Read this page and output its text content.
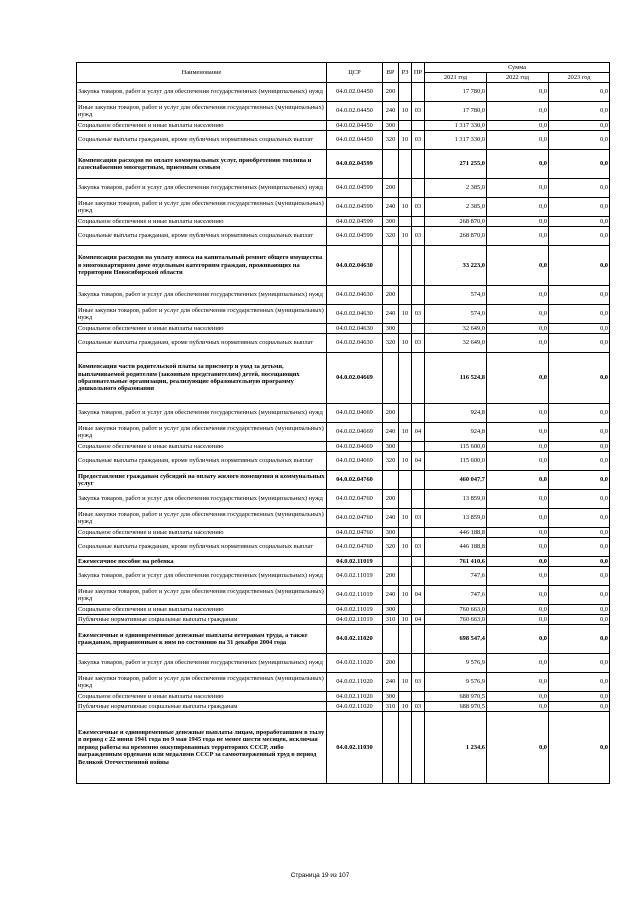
Наименование	ЦСР	ВР	РЗ	ПР	Сумма		
					2021 год	2022 год	2023 год
Закупка товаров, работ и услуг для обеспечения государственных (муниципальных) нужд	04.0.02.04450	200			17 780,0	0,0	0,0
Иные закупки товаров, работ и услуг для обеспечения государственных (муниципальных) нужд	04.0.02.04450	240	10	03	17 780,0	0,0	0,0
Социальное обеспечение и иные выплаты населению	04.0.02.04450	300			1 317 330,0	0,0	0,0
Социальные выплаты гражданам, кроме публичных нормативных социальных выплат	04.0.02.04450	320	10	03	1 317 330,0	0,0	0,0
Компенсация расходов по оплате коммунальных услуг, приобретению топлива и газоснабжению многодетным, приемным семьям	04.0.02.04599				271 255,0	0,0	0,0
Закупка товаров, работ и услуг для обеспечения государственных (муниципальных) нужд	04.0.02.04599	200			2 385,0	0,0	0,0
Иные закупки товаров, работ и услуг для обеспечения государственных (муниципальных) нужд	04.0.02.04599	240	10	03	2 385,0	0,0	0,0
Социальное обеспечение и иные выплаты населению	04.0.02.04599	300			268 870,0	0,0	0,0
Социальные выплаты гражданам, кроме публичных нормативных социальных выплат	04.0.02.04599	320	10	03	268 870,0	0,0	0,0
Компенсация расходов на уплату взноса на капитальный ремонт общего имущества в многоквартирном доме отдельным категориям граждан, проживающих на территории Новосибирской области	04.0.02.04630				33 223,0	0,0	0,0
Закупка товаров, работ и услуг для обеспечения государственных (муниципальных) нужд	04.0.02.04630	200			574,0	0,0	0,0
Иные закупки товаров, работ и услуг для обеспечения государственных (муниципальных) нужд	04.0.02.04630	240	10	03	574,0	0,0	0,0
Социальное обеспечение и иные выплаты населению	04.0.02.04630	300			32 649,0	0,0	0,0
Социальные выплаты гражданам, кроме публичных нормативных социальных выплат	04.0.02.04630	320	10	03	32 649,0	0,0	0,0
Компенсация части родительской платы за присмотр и уход за детьми, выплачиваемой родителям (законным представителям) детей, посещающих образовательные организации, реализующие образовательную программу дошкольного образования	04.0.02.04669				116 524,8	0,0	0,0
Закупка товаров, работ и услуг для обеспечения государственных (муниципальных) нужд	04.0.02.04669	200			924,8	0,0	0,0
Иные закупки товаров, работ и услуг для обеспечения государственных (муниципальных) нужд	04.0.02.04669	240	10	04	924,8	0,0	0,0
Социальное обеспечение и иные выплаты населению	04.0.02.04669	300			115 600,0	0,0	0,0
Социальные выплаты гражданам, кроме публичных нормативных социальных выплат	04.0.02.04669	320	10	04	115 600,0	0,0	0,0
Предоставление гражданам субсидий на оплату жилого помещения и коммунальных услуг	04.0.02.04760				460 047,7	0,0	0,0
Закупка товаров, работ и услуг для обеспечения государственных (муниципальных) нужд	04.0.02.04760	200			13 859,0	0,0	0,0
Иные закупки товаров, работ и услуг для обеспечения государственных (муниципальных) нужд	04.0.02.04760	240	10	03	13 859,0	0,0	0,0
Социальное обеспечение и иные выплаты населению	04.0.02.04760	300			446 188,8	0,0	0,0
Социальные выплаты гражданам, кроме публичных нормативных социальных выплат	04.0.02.04760	320	10	03	446 188,8	0,0	0,0
Ежемесячное пособие на ребенка	04.0.02.11019				761 410,6	0,0	0,0
Закупка товаров, работ и услуг для обеспечения государственных (муниципальных) нужд	04.0.02.11019	200			747,6	0,0	0,0
Иные закупки товаров, работ и услуг для обеспечения государственных (муниципальных) нужд	04.0.02.11019	240	10	04	747,6	0,0	0,0
Социальное обеспечение и иные выплаты населению	04.0.02.11019	300			760 663,0	0,0	0,0
Публичные нормативные социальные выплаты гражданам	04.0.02.11019	310	10	04	760 663,0	0,0	0,0
Ежемесячные и единовременные денежные выплаты ветеранам труда, а также гражданам, приравненным к ним по состоянию на 31 декабря 2004 года	04.0.02.11020				698 547,4	0,0	0,0
Закупка товаров, работ и услуг для обеспечения государственных (муниципальных) нужд	04.0.02.11020	200			9 576,9	0,0	0,0
Иные закупки товаров, работ и услуг для обеспечения государственных (муниципальных) нужд	04.0.02.11020	240	10	03	9 576,9	0,0	0,0
Социальное обеспечение и иные выплаты населению	04.0.02.11020	300			688 970,5	0,0	0,0
Публичные нормативные социальные выплаты гражданам	04.0.02.11020	310	10	03	688 970,5	0,0	0,0
Ежемесячные и единовременные денежные выплаты лицам, проработавшим в тылу в период с 22 июня 1941 года по 9 мая 1945 года не менее шести месяцев, исключая период работы на временно оккупированных территориях СССР, либо награжденным орденами или медалями СССР за самоотверженный труд в период Великой Отечественной войны	04.0.02.11030				1 234,6	0,0	0,0
Страница 19 из 107
